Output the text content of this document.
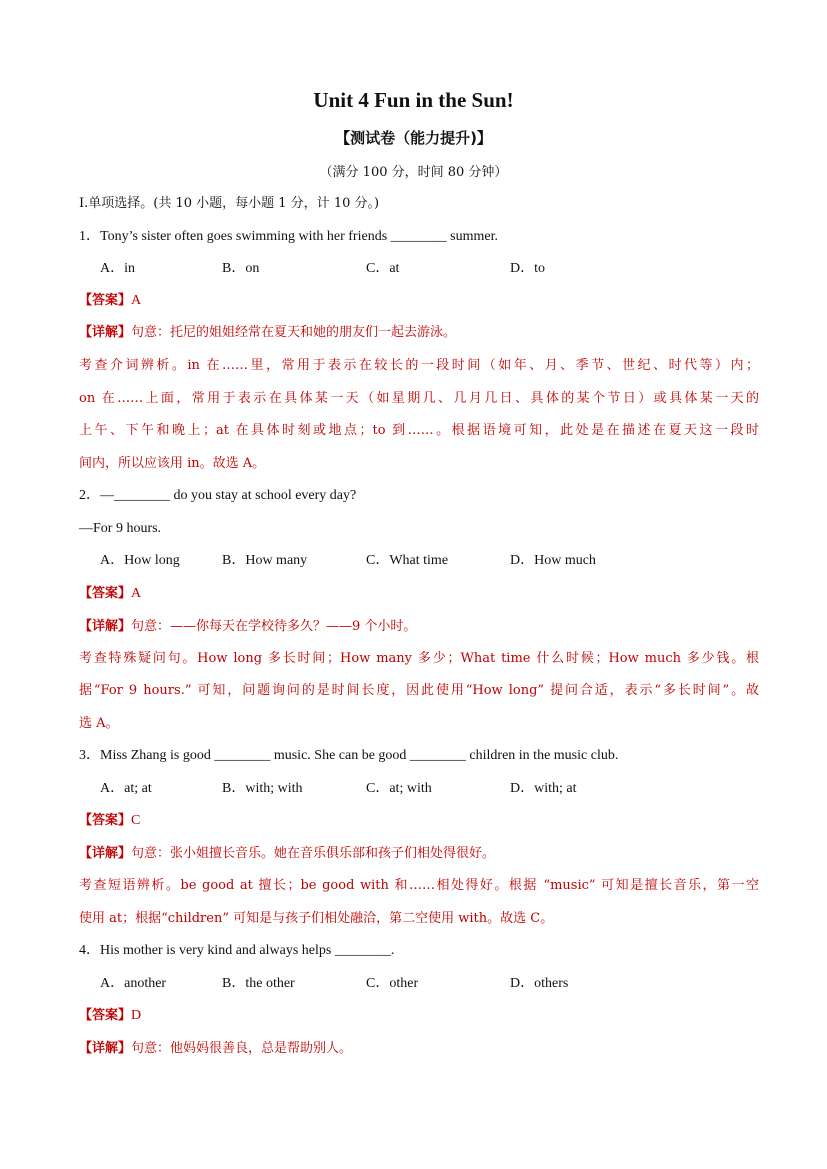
Unit 4 Fun in the Sun!
【测试卷（能力提升)】
（满分 100 分，时间 80 分钟）
I.单项选择。(共 10 小题，每小题 1 分，计 10 分。)
1．Tony’s sister often goes swimming with her friends ________ summer.
A．in	B．on	C．at	D．to
【答案】A
【详解】句意：托尼的姐姐经常在夏天和她的朋友们一起去游泳。
考查介词辨析。in 在……里，常用于表示在较长的一段时间（如年、月、季节、世纪、时代等）内；
on 在……上面，常用于表示在具体某一天（如星期几、几月几日、具体的某个节日）或具体某一天的
上午、下午和晚上；at 在具体时刻或地点；to 到……。根据语境可知，此处是在描述在夏天这一段时
间内，所以应该用 in。故选 A。
2．—________ do you stay at school every day?
—For 9 hours.
A．How long	B．How many	C．What time	D．How much
【答案】A
【详解】句意：——你每天在学校待多久？——9 个小时。
考查特殊疑问句。How long 多长时间；How many 多少；What time 什么时候；How much 多少钱。根
据“For 9 hours.” 可知，问题询问的是时间长度，因此使用“How long” 提问合适，表示“多长时间”。故
选 A。
3．Miss Zhang is good ________ music. She can be good ________ children in the music club.
A．at; at	B．with; with	C．at; with	D．with; at
【答案】C
【详解】句意：张小姐擅长音乐。她在音乐俱乐部和孩子们相处得很好。
考查短语辨析。be good at 擅长；be good with 和……相处得好。根据 “music” 可知是擅长音乐，第一空
使用 at；根据“children” 可知是与孩子们相处融洽，第二空使用 with。故选 C。
4．His mother is very kind and always helps ________.
A．another	B．the other	C．other	D．others
【答案】D
【详解】句意：他妈妈很善良，总是帮助别人。
